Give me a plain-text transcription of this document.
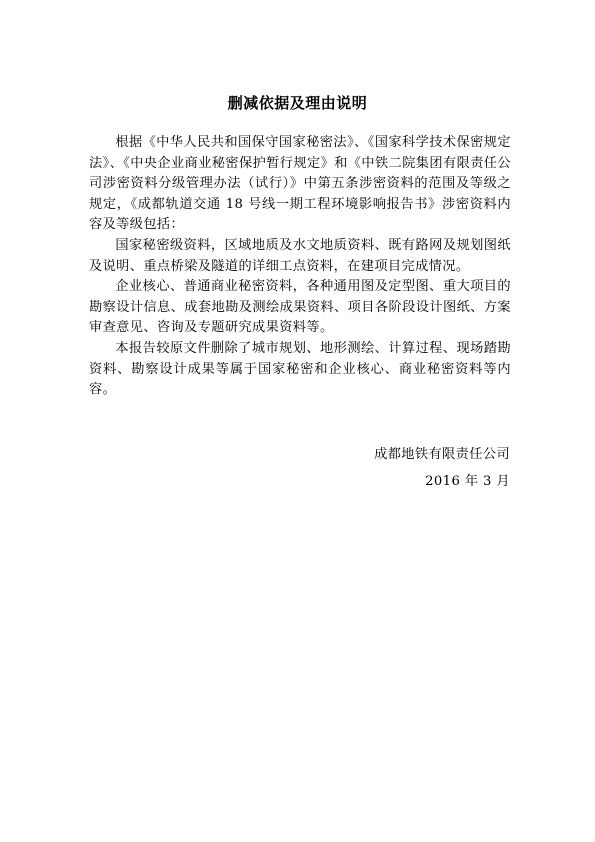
删减依据及理由说明

根据《中华人民共和国保守国家秘密法》、《国家科学技术保密规定法》、《中央企业商业秘密保护暂行规定》和《中铁二院集团有限责任公司涉密资料分级管理办法（试行）》中第五条涉密资料的范围及等级之规定，《成都轨道交通 18 号线一期工程环境影响报告书》涉密资料内容及等级包括：

国家秘密级资料，区域地质及水文地质资料、既有路网及规划图纸及说明、重点桥梁及隧道的详细工点资料，在建项目完成情况。

企业核心、普通商业秘密资料，各种通用图及定型图、重大项目的勘察设计信息、成套地勘及测绘成果资料、项目各阶段设计图纸、方案审查意见、咨询及专题研究成果资料等。

本报告较原文件删除了城市规划、地形测绘、计算过程、现场踏勘资料、勘察设计成果等属于国家秘密和企业核心、商业秘密资料等内容。

成都地铁有限责任公司
2016 年 3 月
